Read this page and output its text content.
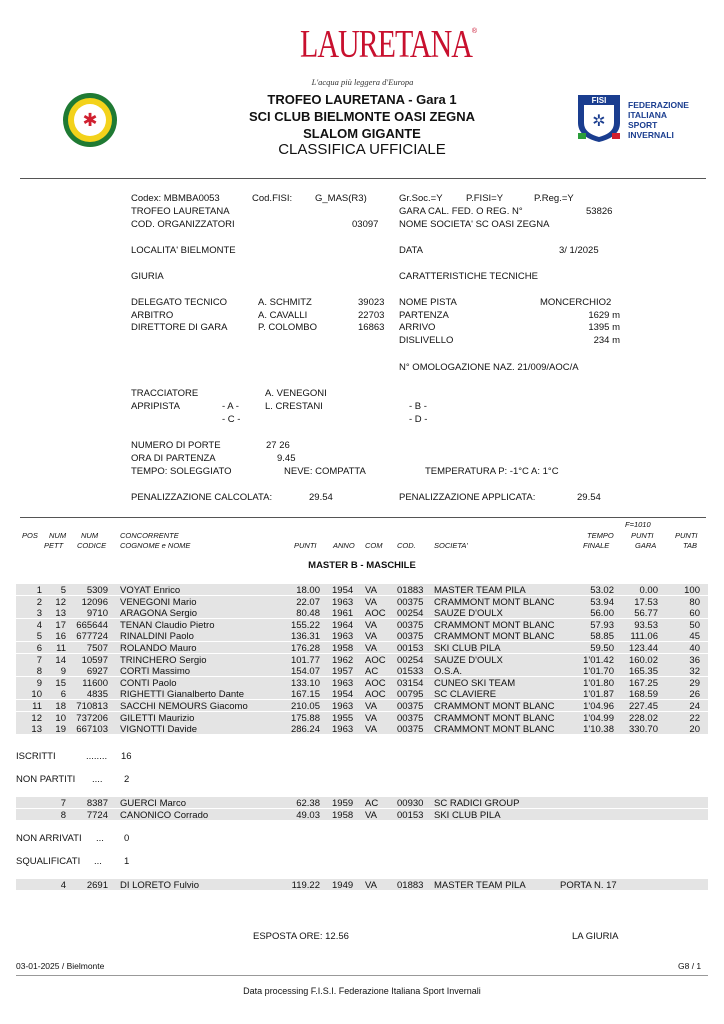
LAURETANA®
L'acqua più leggera d'Europa
✱
FISI
✲
FEDERAZIONE
ITALIANA
SPORT
INVERNALI
TROFEO LAURETANA - Gara 1
SCI CLUB BIELMONTE OASI ZEGNA
SLALOM GIGANTE
CLASSIFICA UFFICIALE
Codex: MBMBA0053	Cod.FISI: G_MAS(R3)	Gr.Soc.=Y P.FISI=Y	P.Reg.=Y
TROFEO LAURETANA	GARA CAL. FED. O REG. N°	53826
COD. ORGANIZZATORI	03097 NOME SOCIETA' SC OASI ZEGNA
LOCALITA' BIELMONTE	DATA	3/ 1/2025
GIURIA	CARATTERISTICHE TECNICHE
DELEGATO TECNICO	A. SCHMITZ	39023 NOME PISTA	MONCERCHIO2
ARBITRO	A. CAVALLI	22703 PARTENZA	1629 m
DIRETTORE DI GARA	P. COLOMBO	16863 ARRIVO	1395 m
DISLIVELLO	234 m
N° OMOLOGAZIONE NAZ. 21/009/AOC/A
TRACCIATORE	A. VENEGONI
APRIPISTA	- A -	L. CRESTANI	- B -
- C -	- D -
NUMERO DI PORTE	27 26
ORA DI PARTENZA	9.45
TEMPO: SOLEGGIATO	NEVE: COMPATTA	TEMPERATURA P: -1°C A: 1°C
PENALIZZAZIONE CALCOLATA:	29.54	PENALIZZAZIONE APPLICATA:	29.54
POS NUM
PETT
NUM
CODICE
CONCORRENTE
COGNOME e NOME	PUNTI ANNO COM COD. SOCIETA'
TEMPO
FINALE
F=1010
PUNTI
GARA
PUNTI
TAB
MASTER B - MASCHILE
1	5	5309 VOYAT Enrico	18.00 1954 VA 01883 MASTER TEAM PILA	53.02	0.00	100
2	12	12096 VENEGONI Mario	22.07 1963 VA 00375 CRAMMONT MONT BLANC	53.94	17.53	80
3	13	9710 ARAGONA Sergio	80.48 1961 AOC 00254 SAUZE D'OULX	56.00	56.77	60
4	17	665644 TENAN Claudio Pietro	155.22 1964 VA 00375 CRAMMONT MONT BLANC	57.93	93.53	50
5	16	677724 RINALDINI Paolo	136.31 1963 VA 00375 CRAMMONT MONT BLANC	58.85	111.06	45
6	11	7507 ROLANDO Mauro	176.28 1958 VA 00153 SKI CLUB PILA	59.50	123.44	40
7	14	10597 TRINCHERO Sergio	101.77 1962 AOC 00254 SAUZE D'OULX	1'01.42	160.02	36
8	9	6927 CORTI Massimo	154.07 1957 AC 01533 O.S.A.	1'01.70	165.35	32
9	15	11600 CONTI Paolo	133.10 1963 AOC 03154 CUNEO SKI TEAM	1'01.80	167.25	29
10	6	4835 RIGHETTI Gianalberto Dante	167.15 1954 AOC 00795 SC CLAVIERE	1'01.87	168.59	26
11	18	710813 SACCHI NEMOURS Giacomo	210.05 1963 VA 00375 CRAMMONT MONT BLANC	1'04.96	227.45	24
12	10	737206 GILETTI Maurizio	175.88 1955 VA 00375 CRAMMONT MONT BLANC	1'04.99	228.02	22
13	19	667103 VIGNOTTI Davide	286.24 1963 VA 00375 CRAMMONT MONT BLANC	1'10.38	330.70	20
ISCRITTI	........ 16
NON PARTITI .... 2
NON ARRIVATI ... 0
SQUALIFICATI ... 1
7	8387 GUERCI Marco	62.38 1959 AC 00930 SC RADICI GROUP
8	7724 CANONICO Corrado	49.03 1958 VA 00153 SKI CLUB PILA
4	2691 DI LORETO Fulvio	119.22 1949 VA 01883 MASTER TEAM PILA	PORTA N. 17
ESPOSTA ORE: 12.56	LA GIURIA
03-01-2025 / Bielmonte	G8 / 1
Data processing F.I.S.I. Federazione Italiana Sport Invernali
